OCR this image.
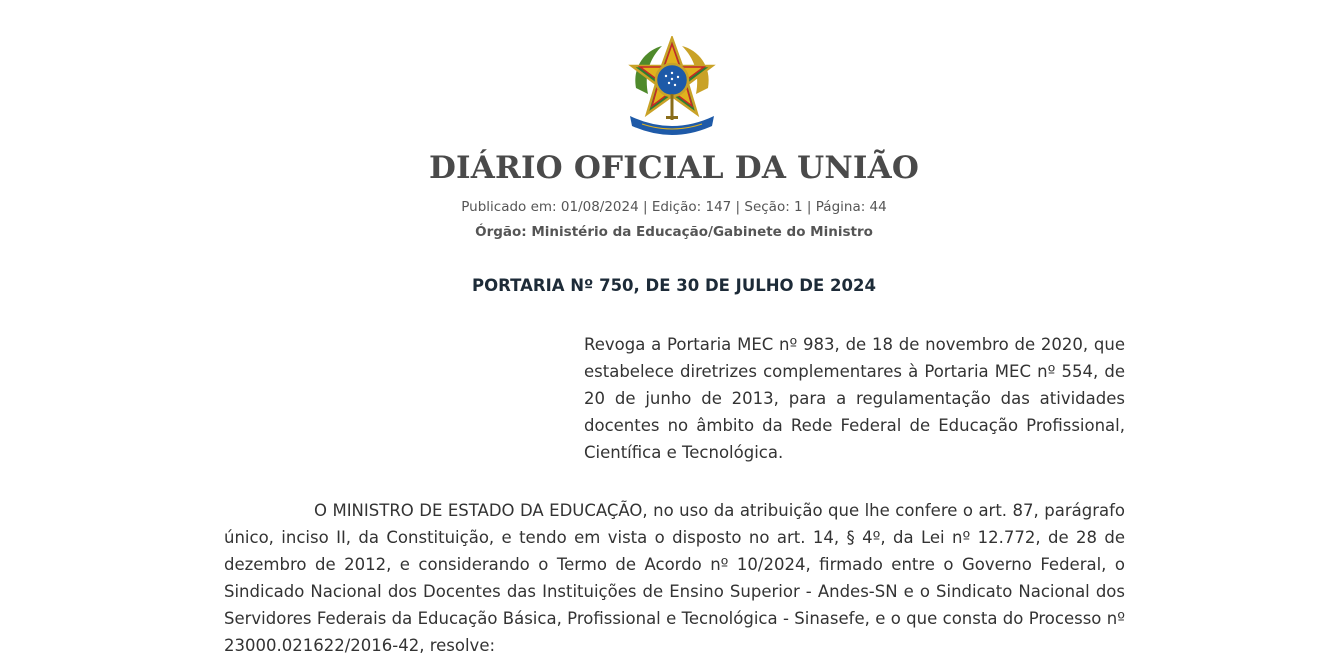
DIÁRIO OFICIAL DA UNIÃO
Publicado em: 01/08/2024 | Edição: 147 | Seção: 1 | Página: 44
Órgão: Ministério da Educação/Gabinete do Ministro
PORTARIA Nº 750, DE 30 DE JULHO DE 2024
Revoga a Portaria MEC nº 983, de 18 de novembro de 2020, que estabelece diretrizes complementares à Portaria MEC nº 554, de 20 de junho de 2013, para a regulamentação das atividades docentes no âmbito da Rede Federal de Educação Profissional, Científica e Tecnológica.
O MINISTRO DE ESTADO DA EDUCAÇÃO, no uso da atribuição que lhe confere o art. 87, parágrafo único, inciso II, da Constituição, e tendo em vista o disposto no art. 14, § 4º, da Lei nº 12.772, de 28 de dezembro de 2012, e considerando o Termo de Acordo nº 10/2024, firmado entre o Governo Federal, o Sindicado Nacional dos Docentes das Instituições de Ensino Superior - Andes-SN e o Sindicato Nacional dos Servidores Federais da Educação Básica, Profissional e Tecnológica - Sinasefe, e o que consta do Processo nº 23000.021622/2016-42, resolve:
